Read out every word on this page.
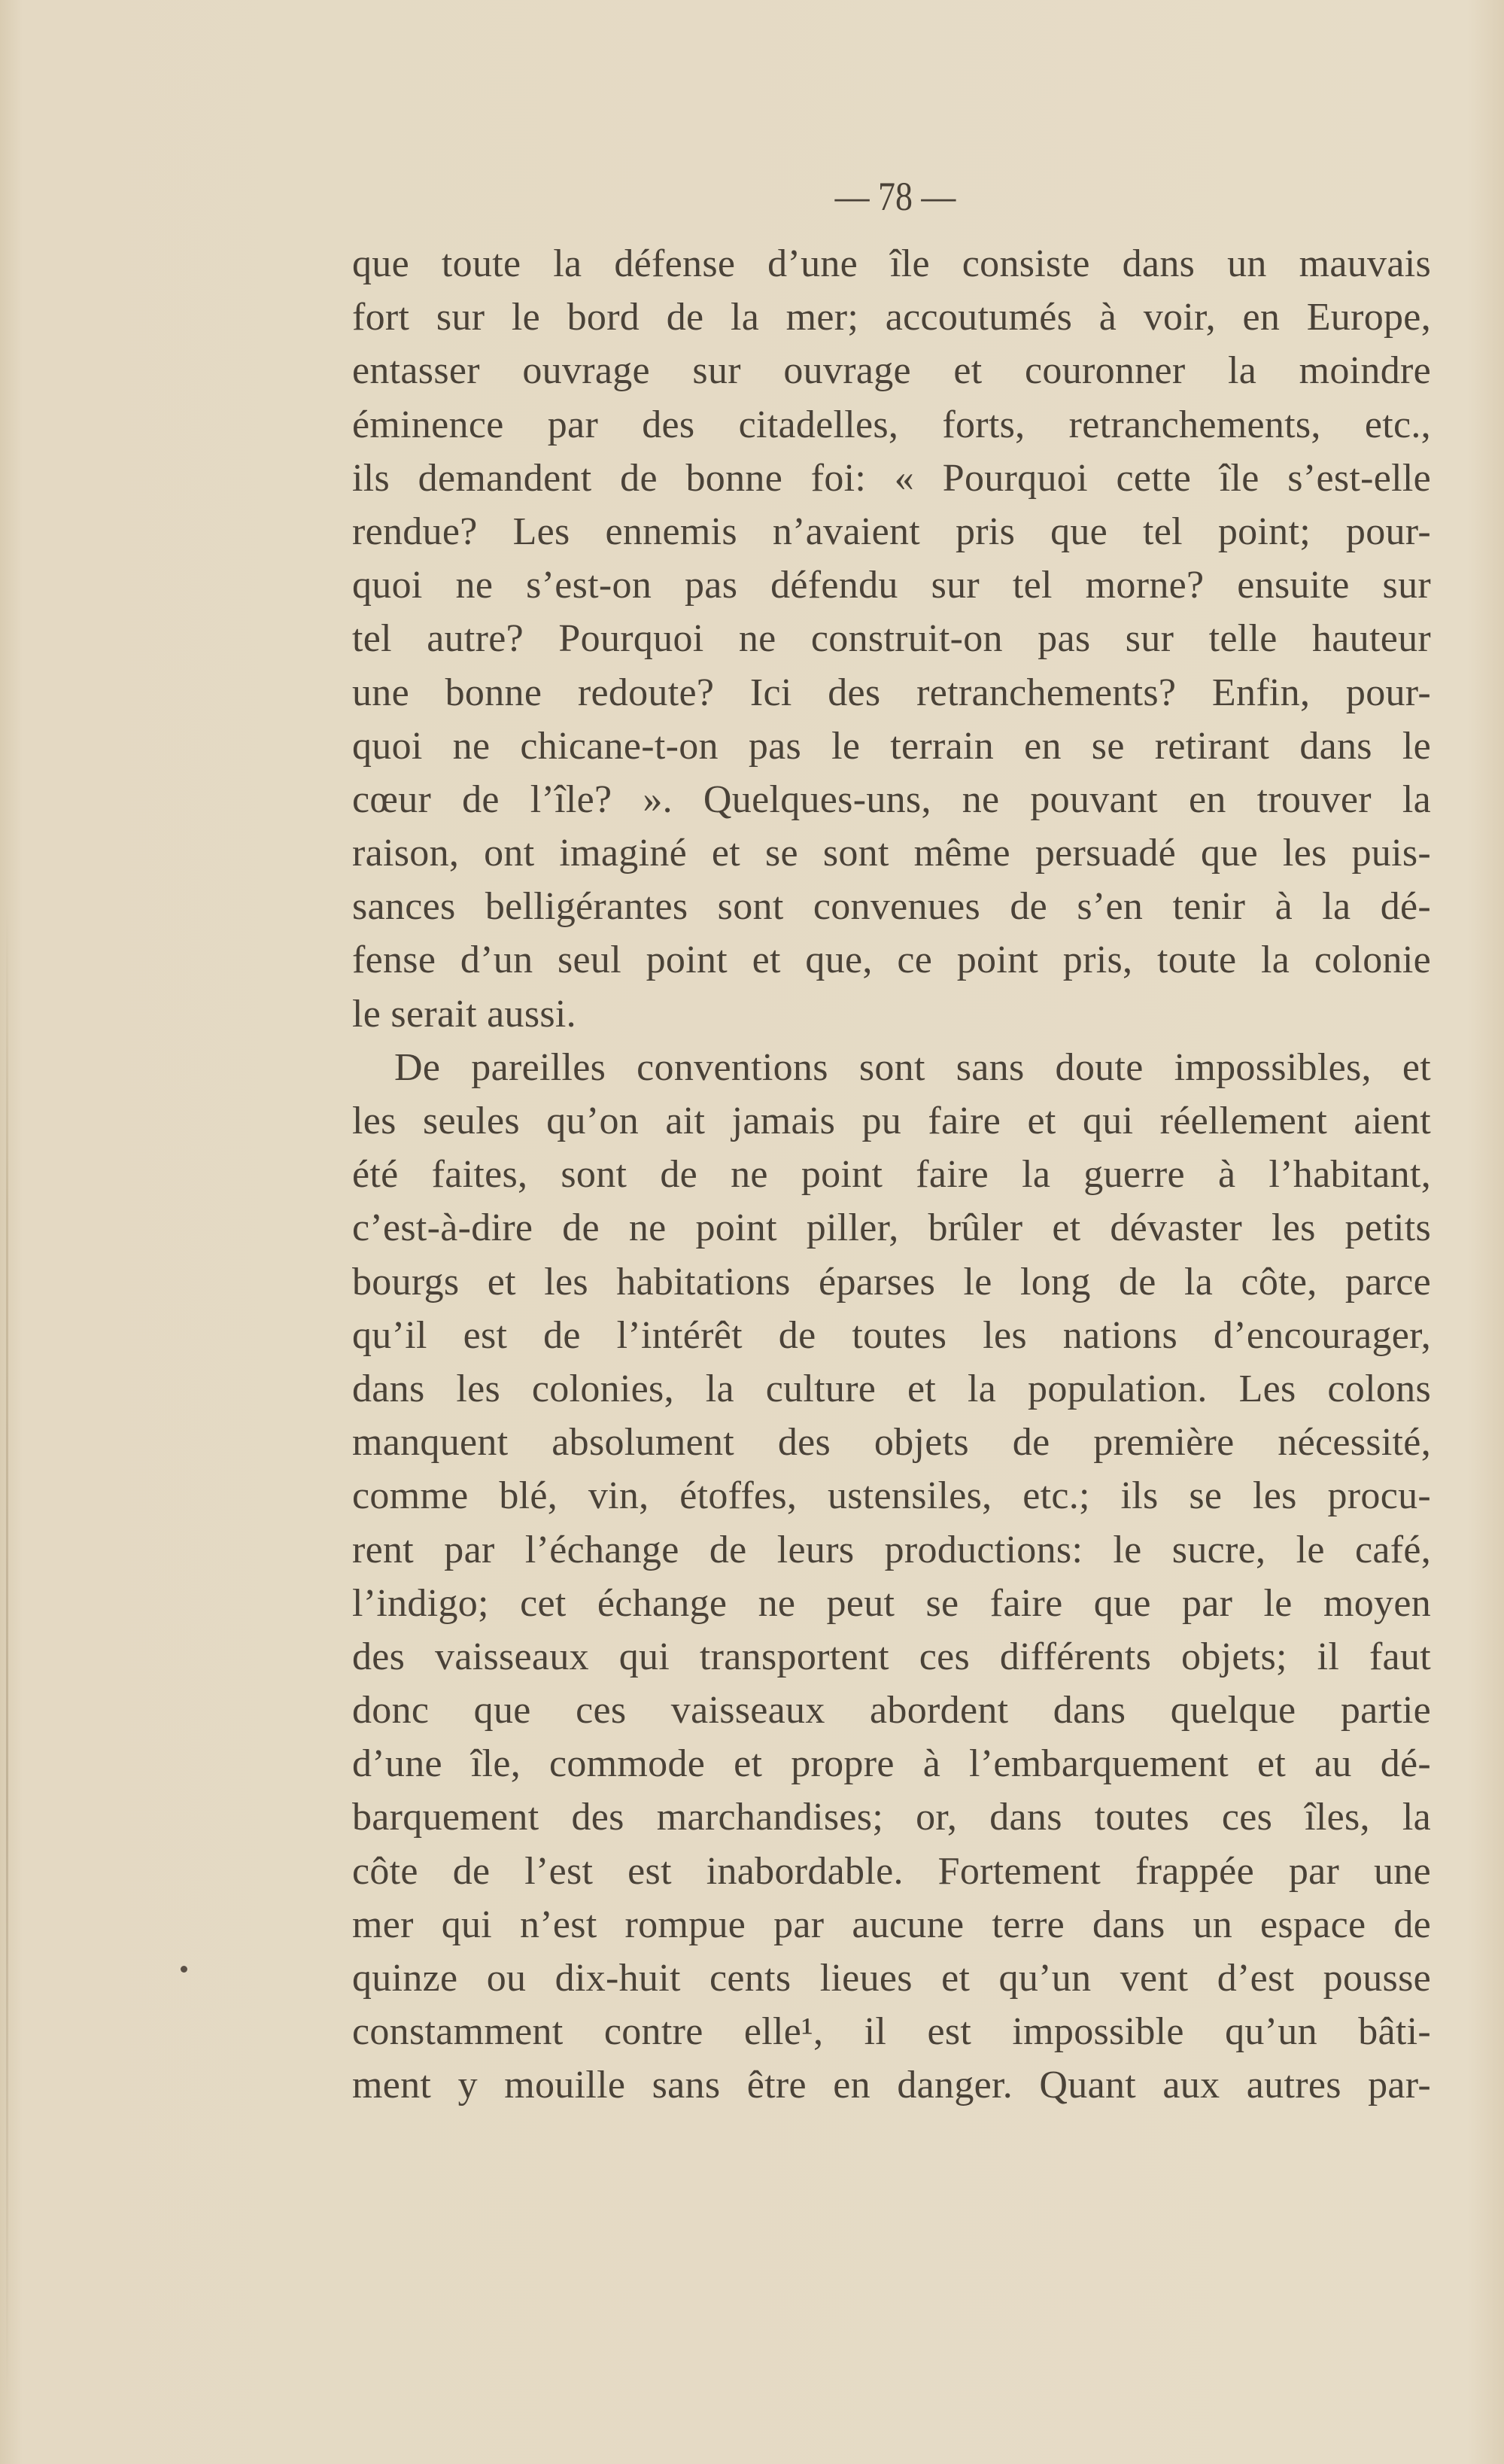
— 78 —
que toute la défense d’une île consiste dans un mauvais
fort sur le bord de la mer; accoutumés à voir, en Europe,
entasser ouvrage sur ouvrage et couronner la moindre
éminence par des citadelles, forts, retranchements, etc.,
ils demandent de bonne foi: « Pourquoi cette île s’est-elle
rendue? Les ennemis n’avaient pris que tel point; pour-
quoi ne s’est-on pas défendu sur tel morne? ensuite sur
tel autre? Pourquoi ne construit-on pas sur telle hauteur
une bonne redoute? Ici des retranchements? Enfin, pour-
quoi ne chicane-t-on pas le terrain en se retirant dans le
cœur de l’île? ». Quelques-uns, ne pouvant en trouver la
raison, ont imaginé et se sont même persuadé que les puis-
sances belligérantes sont convenues de s’en tenir à la dé-
fense d’un seul point et que, ce point pris, toute la colonie
le serait aussi.
De pareilles conventions sont sans doute impossibles, et
les seules qu’on ait jamais pu faire et qui réellement aient
été faites, sont de ne point faire la guerre à l’habitant,
c’est-à-dire de ne point piller, brûler et dévaster les petits
bourgs et les habitations éparses le long de la côte, parce
qu’il est de l’intérêt de toutes les nations d’encourager,
dans les colonies, la culture et la population. Les colons
manquent absolument des objets de première nécessité,
comme blé, vin, étoffes, ustensiles, etc.; ils se les procu-
rent par l’échange de leurs productions: le sucre, le café,
l’indigo; cet échange ne peut se faire que par le moyen
des vaisseaux qui transportent ces différents objets; il faut
donc que ces vaisseaux abordent dans quelque partie
d’une île, commode et propre à l’embarquement et au dé-
barquement des marchandises; or, dans toutes ces îles, la
côte de l’est est inabordable. Fortement frappée par une
mer qui n’est rompue par aucune terre dans un espace de
quinze ou dix-huit cents lieues et qu’un vent d’est pousse
constamment contre elle¹, il est impossible qu’un bâti-
ment y mouille sans être en danger. Quant aux autres par-
